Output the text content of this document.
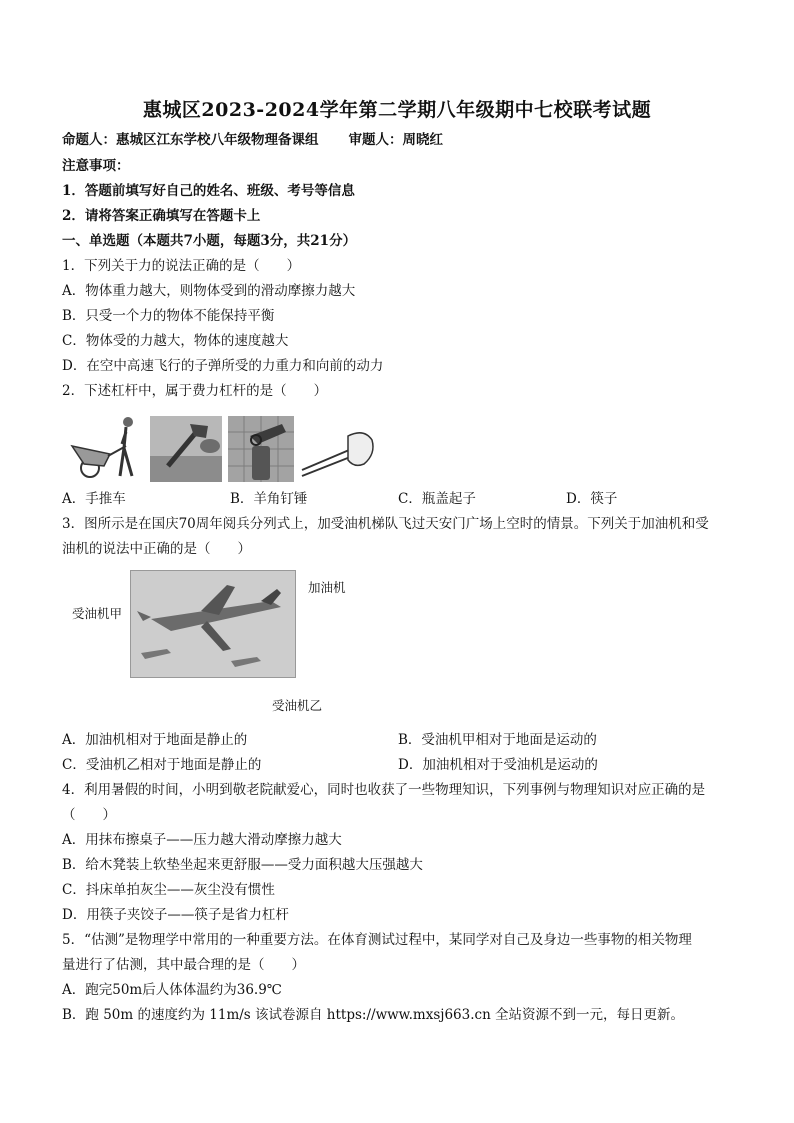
惠城区2023-2024学年第二学期八年级期中七校联考试题
命题人：惠城区江东学校八年级物理备课组 审题人：周晓红
注意事项：
1．答题前填写好自己的姓名、班级、考号等信息
2．请将答案正确填写在答题卡上
一、单选题（本题共7小题，每题3分，共21分）
1．下列关于力的说法正确的是（　　）
A．物体重力越大，则物体受到的滑动摩擦力越大
B．只受一个力的物体不能保持平衡
C．物体受的力越大，物体的速度越大
D．在空中高速飞行的子弹所受的力重力和向前的动力
2．下述杠杆中，属于费力杠杆的是（　　）
A．手推车	B．羊角钉锤	C．瓶盖起子	D．筷子
3．图所示是在国庆70周年阅兵分列式上，加受油机梯队飞过天安门广场上空时的情景。下列关于加油机和受
油机的说法中正确的是（　　）
加油机
受油机甲
受油机乙
A．加油机相对于地面是静止的	B．受油机甲相对于地面是运动的
C．受油机乙相对于地面是静止的	D．加油机相对于受油机是运动的
4．利用暑假的时间，小明到敬老院献爱心，同时也收获了一些物理知识，下列事例与物理知识对应正确的是
（　　）
A．用抹布擦桌子——压力越大滑动摩擦力越大
B．给木凳装上软垫坐起来更舒服——受力面积越大压强越大
C．抖床单拍灰尘——灰尘没有惯性
D．用筷子夹饺子——筷子是省力杠杆
5．“估测”是物理学中常用的一种重要方法。在体育测试过程中，某同学对自己及身边一些事物的相关物理
量进行了估测，其中最合理的是（　　）
A．跑完50m后人体体温约为36.9℃
B．跑 50m 的速度约为 11m/s 该试卷源自 https://www.mxsj663.cn 全站资源不到一元，每日更新。
